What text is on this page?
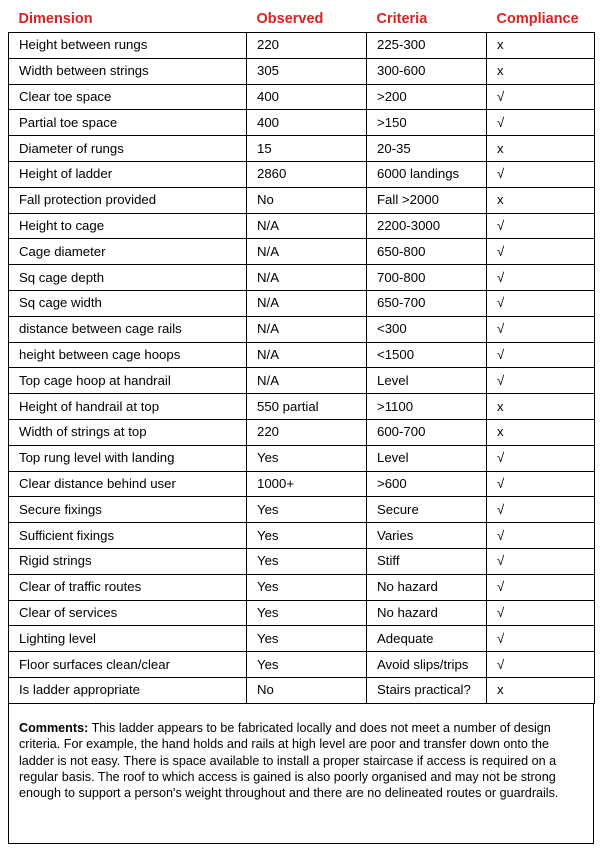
Dimension	Observed	Criteria	Compliance
Height between rungs	220	225-300	x
Width between strings	305	300-600	x
Clear toe space	400	>200	√
Partial toe space	400	>150	√
Diameter of rungs	15	20-35	x
Height of ladder	2860	6000 landings	√
Fall protection provided	No	Fall >2000	x
Height to cage	N/A	2200-3000	√
Cage diameter	N/A	650-800	√
Sq cage depth	N/A	700-800	√
Sq cage width	N/A	650-700	√
distance between cage rails	N/A	<300	√
height between cage hoops	N/A	<1500	√
Top cage hoop at handrail	N/A	Level	√
Height of handrail at top	550 partial	>1100	x
Width of strings at top	220	600-700	x
Top rung level with landing	Yes	Level	√
Clear distance behind user	1000+	>600	√
Secure fixings	Yes	Secure	√
Sufficient fixings	Yes	Varies	√
Rigid strings	Yes	Stiff	√
Clear of traffic routes	Yes	No hazard	√
Clear of services	Yes	No hazard	√
Lighting level	Yes	Adequate	√
Floor surfaces clean/clear	Yes	Avoid slips/trips	√
Is ladder appropriate	No	Stairs practical?	x
Comments: This ladder appears to be fabricated locally and does not meet a number of design criteria. For example, the hand holds and rails at high level are poor and transfer down onto the ladder is not easy. There is space available to install a proper staircase if access is required on a regular basis. The roof to which access is gained is also poorly organised and may not be strong enough to support a person's weight throughout and there are no delineated routes or guardrails.
